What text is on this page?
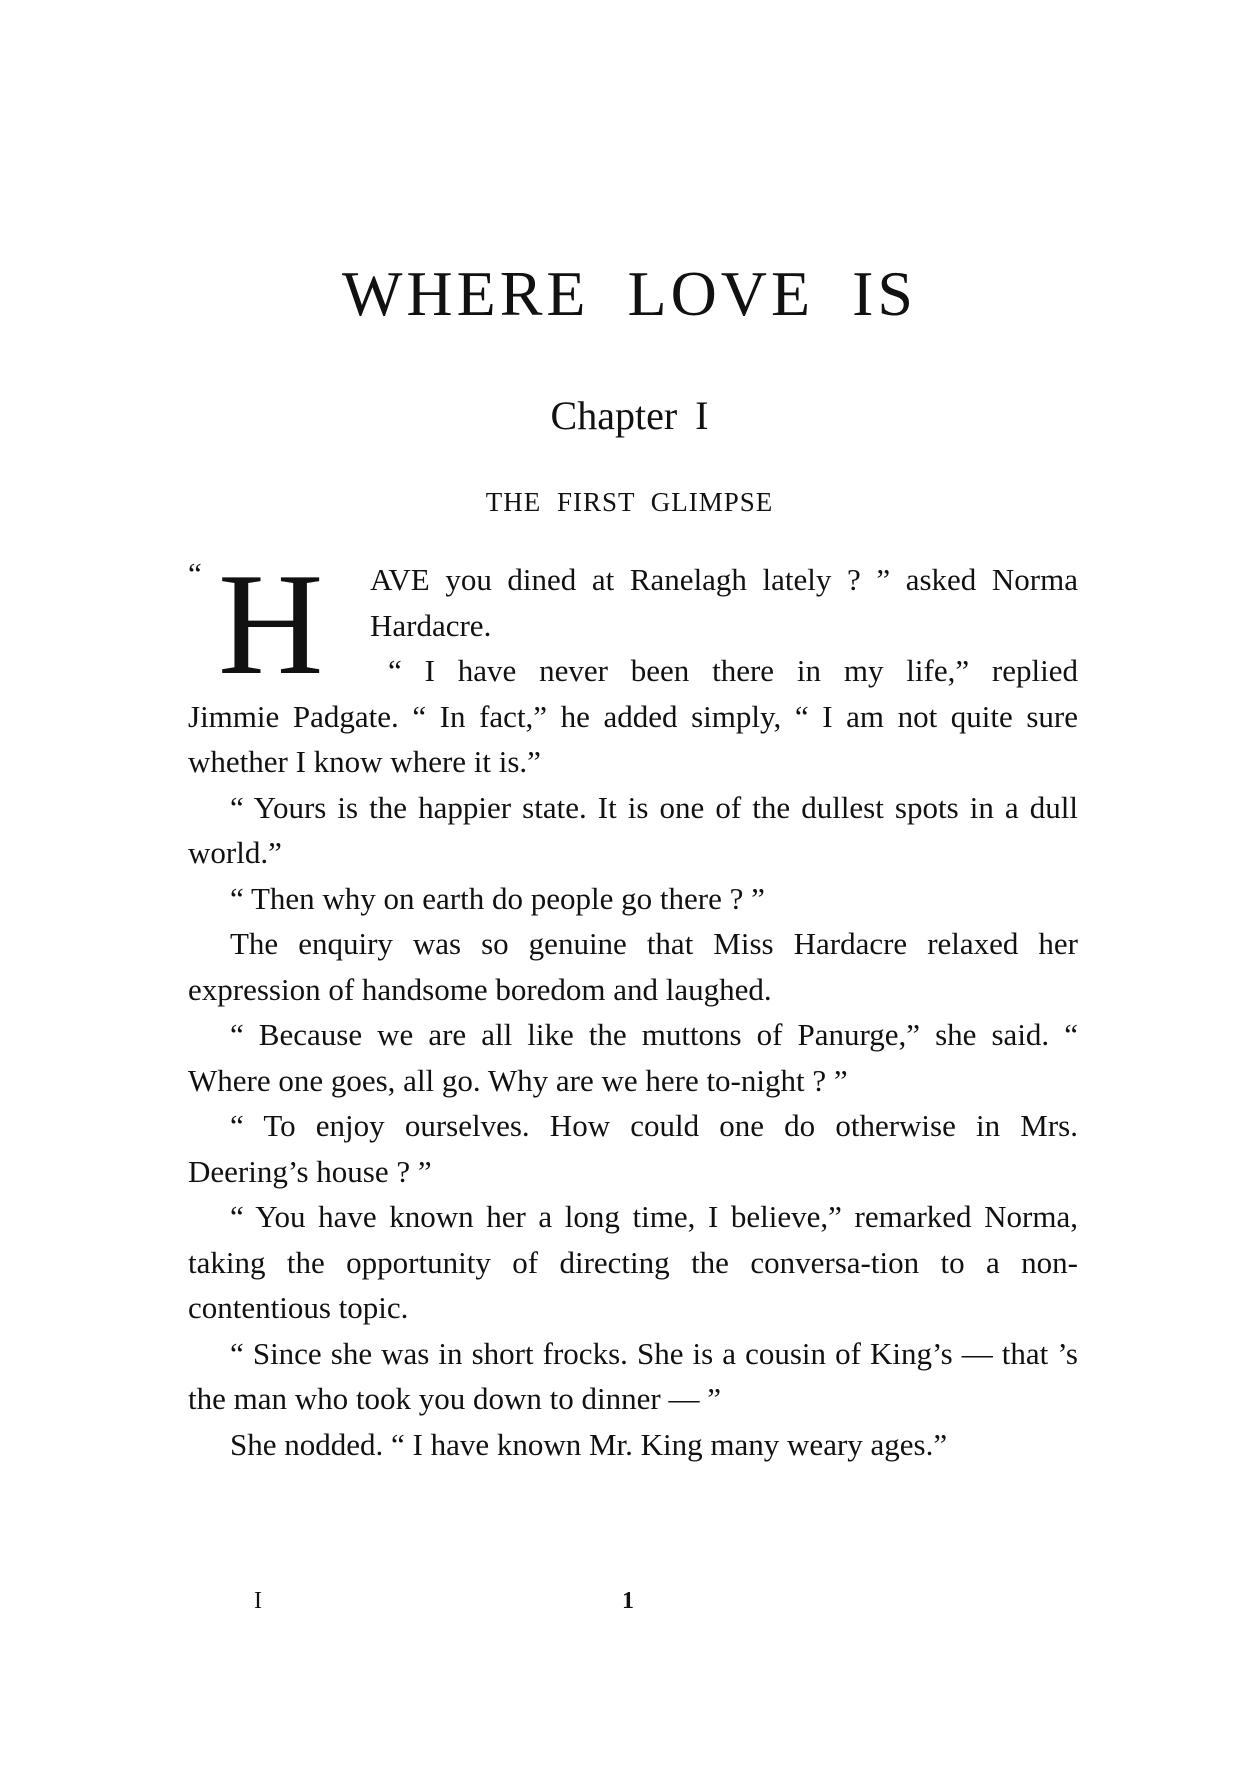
WHERE LOVE IS
Chapter I
THE FIRST GLIMPSE
“ H AVE you dined at Ranelagh lately ? ” asked Norma
Hardacre.
“ I have never been there in my life,” replied

Jimmie Padgate. “ In fact,” he added simply, “ I am not quite sure whether I know where it is.”

“ Yours is the happier state. It is one of the dullest spots in a dull world.”

“ Then why on earth do people go there ? ”

The enquiry was so genuine that Miss Hardacre relaxed her expression of handsome boredom and laughed.

“ Because we are all like the muttons of Panurge,” she said. “ Where one goes, all go. Why are we here to-night ? ”

“ To enjoy ourselves. How could one do otherwise in Mrs. Deering’s house ? ”

“ You have known her a long time, I believe,” remarked Norma, taking the opportunity of directing the conversa-tion to a non-contentious topic.

“ Since she was in short frocks. She is a cousin of King’s — that ’s the man who took you down to dinner — ”

She nodded. “ I have known Mr. King many weary ages.”

I	1
